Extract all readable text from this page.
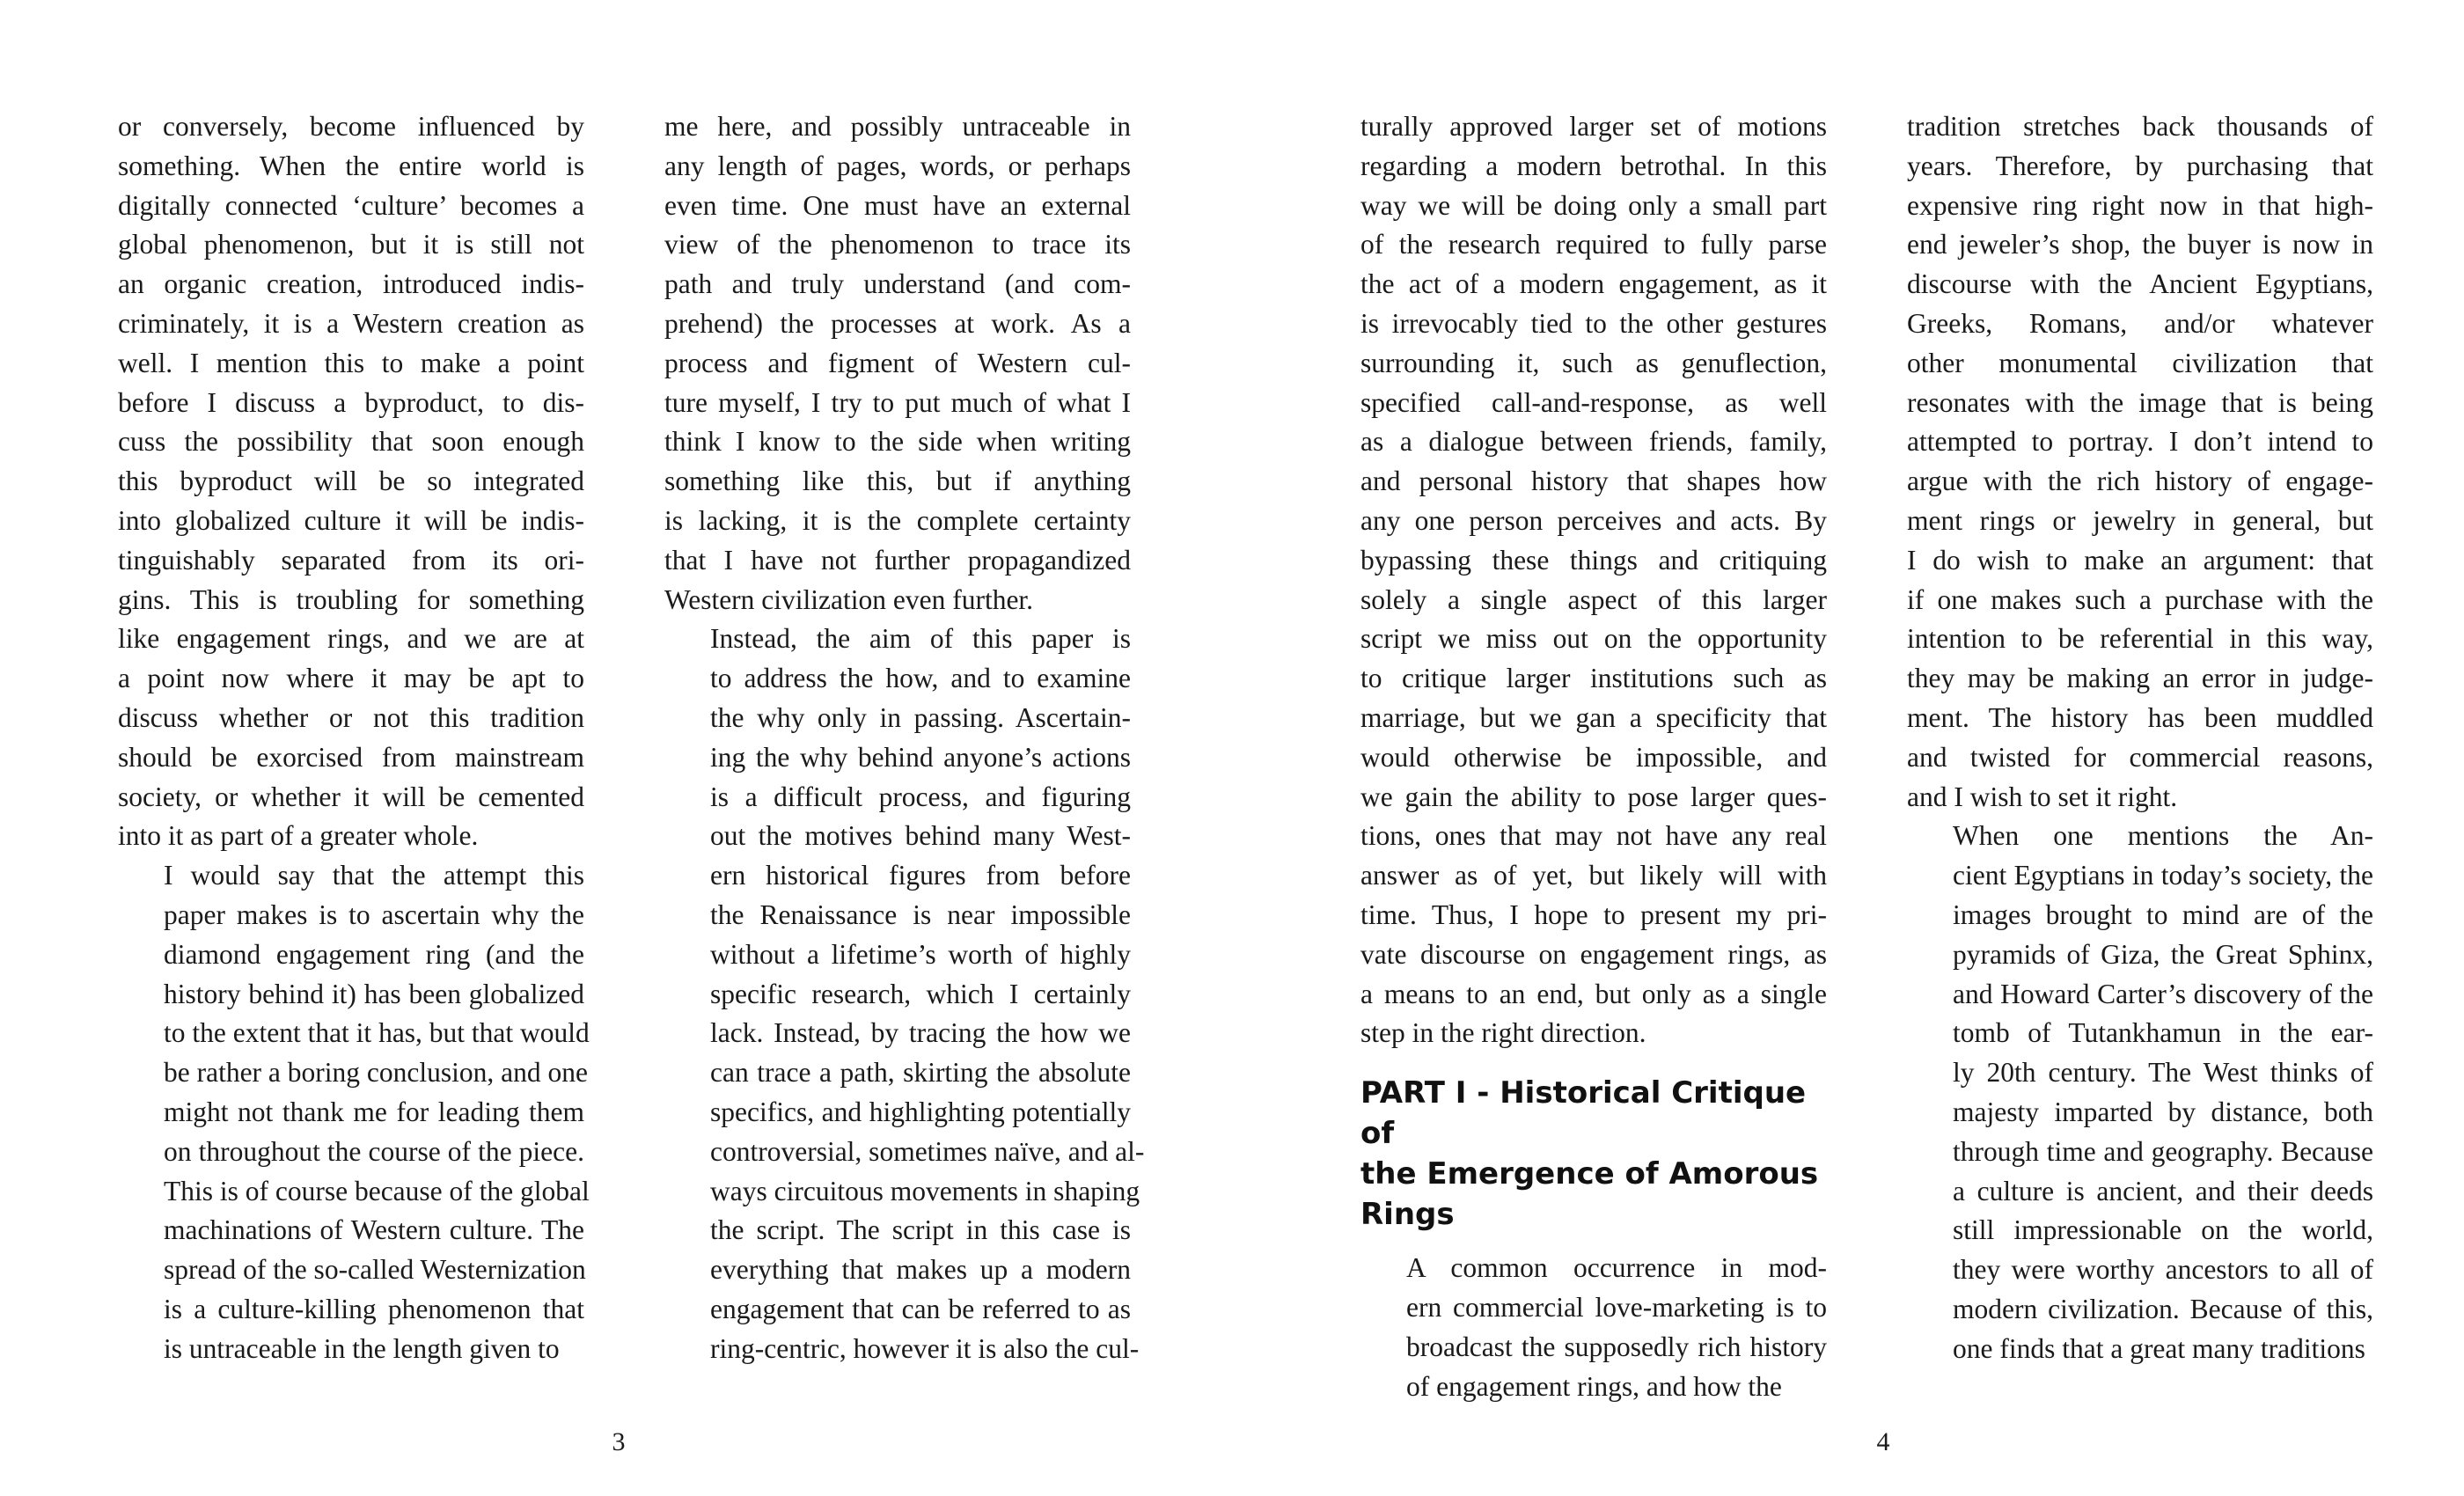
or conversely, become influenced by
something. When the entire world is
digitally connected ‘culture’ becomes a
global phenomenon, but it is still not
an organic creation, introduced indis-
criminately, it is a Western creation as
well. I mention this to make a point
before I discuss a byproduct, to dis-
cuss the possibility that soon enough
this byproduct will be so integrated
into globalized culture it will be indis-
tinguishably separated from its ori-
gins. This is troubling for something
like engagement rings, and we are at
a point now where it may be apt to
discuss whether or not this tradition
should be exorcised from mainstream
society, or whether it will be cemented
into it as part of a greater whole.

I would say that the attempt this
paper makes is to ascertain why the
diamond engagement ring (and the
history behind it) has been globalized
to the extent that it has, but that would
be rather a boring conclusion, and one
might not thank me for leading them
on throughout the course of the piece.
This is of course because of the global
machinations of Western culture. The
spread of the so-called Westernization
is a culture-killing phenomenon that
is untraceable in the length given to

me here, and possibly untraceable in
any length of pages, words, or perhaps
even time. One must have an external
view of the phenomenon to trace its
path and truly understand (and com-
prehend) the processes at work. As a
process and figment of Western cul-
ture myself, I try to put much of what I
think I know to the side when writing
something like this, but if anything
is lacking, it is the complete certainty
that I have not further propagandized
Western civilization even further.

Instead, the aim of this paper is
to address the how, and to examine
the why only in passing. Ascertain-
ing the why behind anyone’s actions
is a difficult process, and figuring
out the motives behind many West-
ern historical figures from before
the Renaissance is near impossible
without a lifetime’s worth of highly
specific research, which I certainly
lack. Instead, by tracing the how we
can trace a path, skirting the absolute
specifics, and highlighting potentially
controversial, sometimes naïve, and al-
ways circuitous movements in shaping
the script. The script in this case is
everything that makes up a modern
engagement that can be referred to as
ring-centric, however it is also the cul-

3

turally approved larger set of motions
regarding a modern betrothal. In this
way we will be doing only a small part
of the research required to fully parse
the act of a modern engagement, as it
is irrevocably tied to the other gestures
surrounding it, such as genuflection,
specified call-and-response, as well
as a dialogue between friends, family,
and personal history that shapes how
any one person perceives and acts. By
bypassing these things and critiquing
solely a single aspect of this larger
script we miss out on the opportunity
to critique larger institutions such as
marriage, but we gan a specificity that
would otherwise be impossible, and
we gain the ability to pose larger ques-
tions, ones that may not have any real
answer as of yet, but likely will with
time. Thus, I hope to present my pri-
vate discourse on engagement rings, as
a means to an end, but only as a single
step in the right direction.

PART I - Historical Critique of
the Emergence of Amorous
Rings

A common occurrence in mod-
ern commercial love-marketing is to
broadcast the supposedly rich history
of engagement rings, and how the

tradition stretches back thousands of
years. Therefore, by purchasing that
expensive ring right now in that high-
end jeweler’s shop, the buyer is now in
discourse with the Ancient Egyptians,
Greeks, Romans, and/or whatever
other monumental civilization that
resonates with the image that is being
attempted to portray. I don’t intend to
argue with the rich history of engage-
ment rings or jewelry in general, but
I do wish to make an argument: that
if one makes such a purchase with the
intention to be referential in this way,
they may be making an error in judge-
ment. The history has been muddled
and twisted for commercial reasons,
and I wish to set it right.

When one mentions the An-
cient Egyptians in today’s society, the
images brought to mind are of the
pyramids of Giza, the Great Sphinx,
and Howard Carter’s discovery of the
tomb of Tutankhamun in the ear-
ly 20th century. The West thinks of
majesty imparted by distance, both
through time and geography. Because
a culture is ancient, and their deeds
still impressionable on the world,
they were worthy ancestors to all of
modern civilization. Because of this,
one finds that a great many traditions

4
